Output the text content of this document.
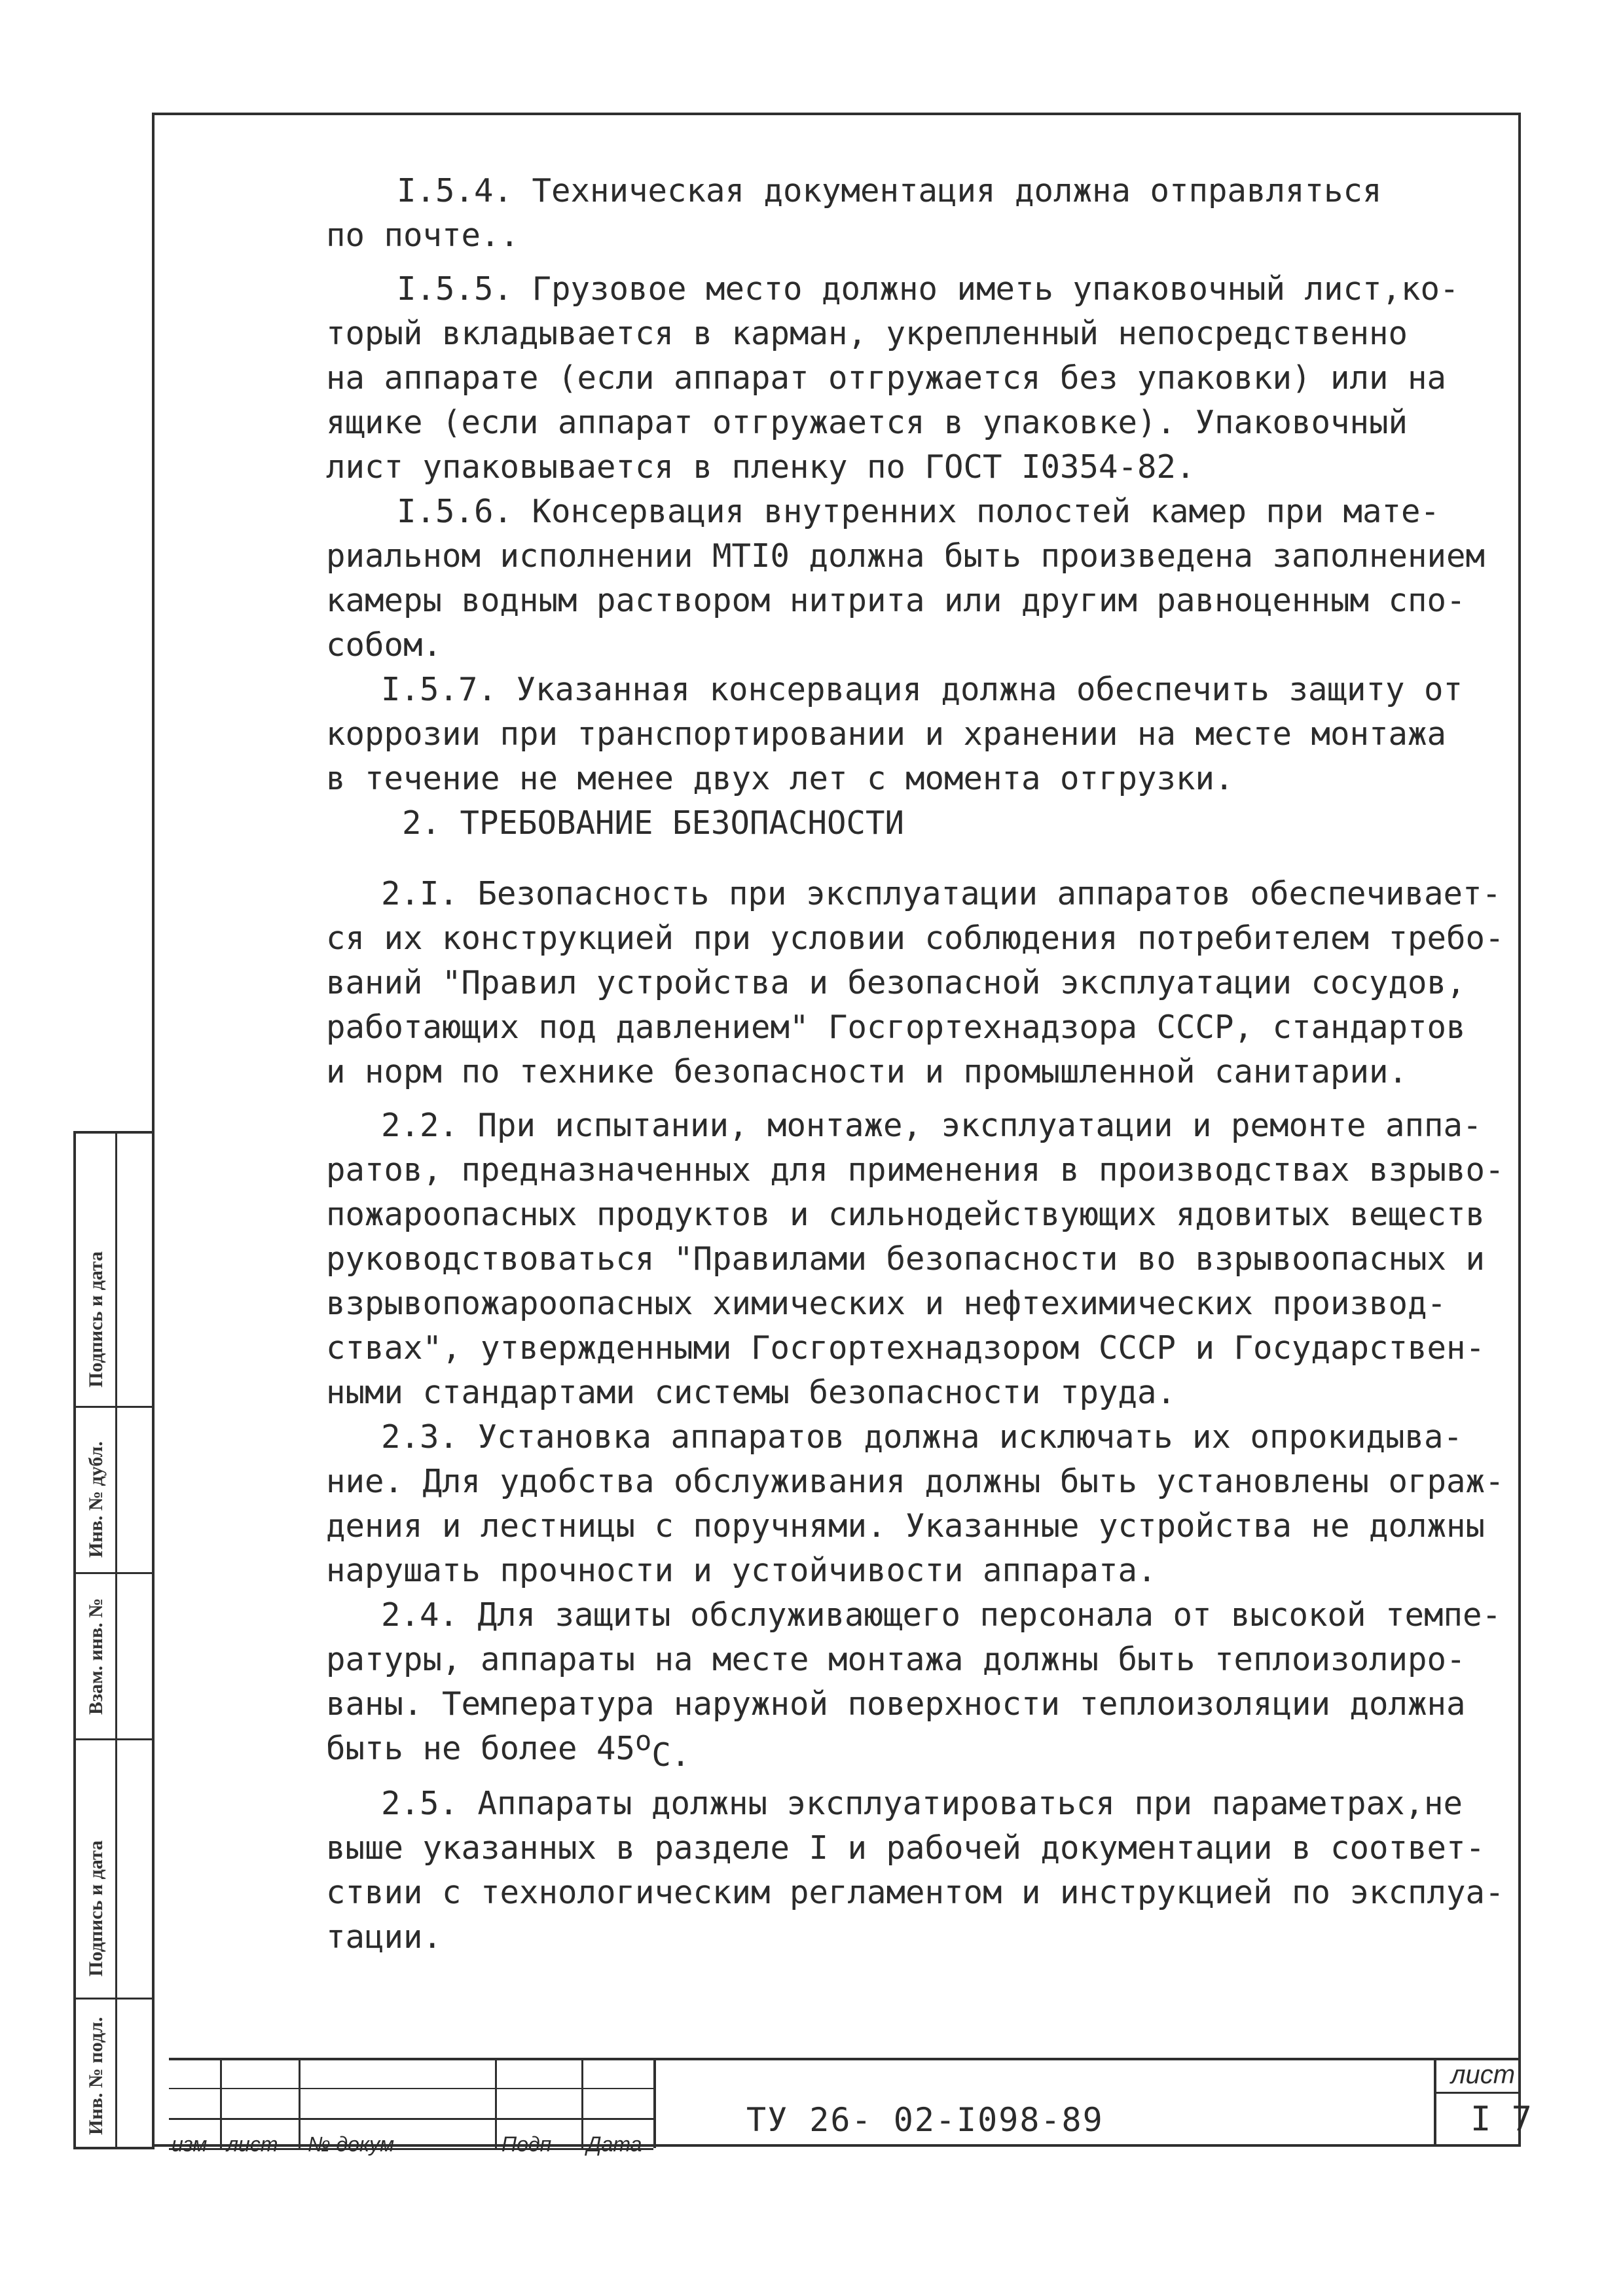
I.5.4. Техническая документация должна отправляться

по почте..

I.5.5. Грузовое место должно иметь упаковочный лист,ко-

торый вкладывается в карман, укрепленный непосредственно

на аппарате (если аппарат отгружается без упаковки) или на

ящике (если аппарат отгружается в упаковке). Упаковочный

лист упаковывается в пленку по ГОСТ I0354-82.

I.5.6. Консервация внутренних полостей камер при мате-

риальном исполнении МТI0 должна быть произведена заполнением

камеры водным раствором нитрита или другим равноценным спо-

собом.

I.5.7. Указанная консервация должна обеспечить защиту от

коррозии при транспортировании и хранении на месте монтажа

в течение не менее двух лет с момента отгрузки.

2. ТРЕБОВАНИЕ БЕЗОПАСНОСТИ

2.I. Безопасность при эксплуатации аппаратов обеспечивает-

ся их конструкцией при условии соблюдения потребителем требо-

ваний "Правил устройства и безопасной эксплуатации сосудов,

работающих под давлением" Госгортехнадзора СССР, стандартов

и норм по технике безопасности и промышленной санитарии.

2.2. При испытании, монтаже, эксплуатации и ремонте аппа-

ратов, предназначенных для применения в производствах взрыво-

пожароопасных продуктов и сильнодействующих ядовитых веществ

руководствоваться "Правилами безопасности во взрывоопасных и

взрывопожароопасных химических и нефтехимических производ-

ствах", утвержденными Госгортехнадзором СССР и Государствен-

ными стандартами системы безопасности труда.

2.3. Установка аппаратов должна исключать их опрокидыва-

ние. Для удобства обслуживания должны быть установлены ограж-

дения и лестницы с поручнями. Указанные устройства не должны

нарушать прочности и устойчивости аппарата.

2.4. Для защиты обслуживающего персонала от высокой темпе-

ратуры, аппараты на месте монтажа должны быть теплоизолиро-

ваны. Температура наружной поверхности теплоизоляции должна

быть не более 45оС.

2.5. Аппараты должны эксплуатироваться при параметрах,не

выше указанных в разделе I и рабочей документации в соответ-

ствии с технологическим регламентом и инструкцией по эксплуа-

тации.

Инв. № подл.
Подпись и дата
Взам. инв. №
Инв. № дубл.
Подпись и дата
ТУ 26- 02-I098-89
лист
I 7
изм лист № докум	Подп Дата
